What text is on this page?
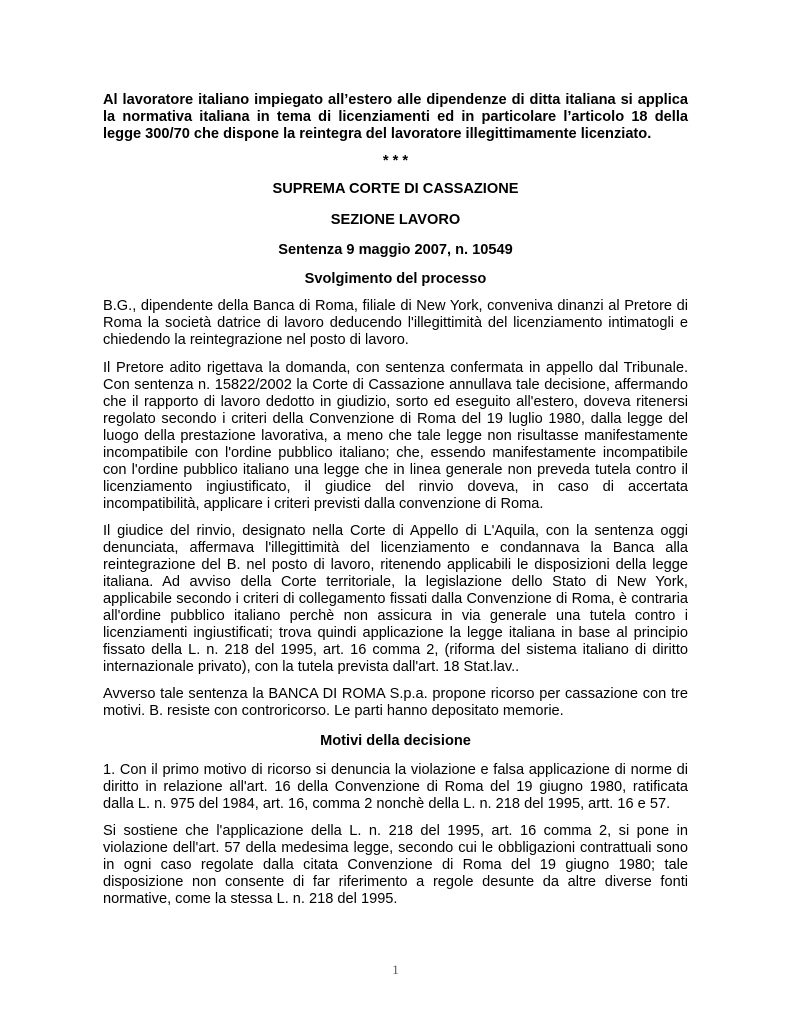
Al lavoratore italiano impiegato all’estero alle dipendenze di ditta italiana si applica
la normativa italiana in tema di licenziamenti ed in particolare l’articolo 18 della
legge 300/70 che dispone la reintegra del lavoratore illegittimamente licenziato.
* * *
SUPREMA CORTE DI CASSAZIONE
SEZIONE LAVORO
Sentenza 9 maggio 2007, n. 10549
Svolgimento del processo
B.G., dipendente della Banca di Roma, filiale di New York, conveniva dinanzi al Pretore di
Roma la società datrice di lavoro deducendo l'illegittimità del licenziamento intimatogli e
chiedendo la reintegrazione nel posto di lavoro.
Il Pretore adito rigettava la domanda, con sentenza confermata in appello dal Tribunale.
Con sentenza n. 15822/2002 la Corte di Cassazione annullava tale decisione, affermando
che il rapporto di lavoro dedotto in giudizio, sorto ed eseguito all'estero, doveva ritenersi
regolato secondo i criteri della Convenzione di Roma del 19 luglio 1980, dalla legge del
luogo della prestazione lavorativa, a meno che tale legge non risultasse manifestamente
incompatibile con l'ordine pubblico italiano; che, essendo manifestamente incompatibile
con l'ordine pubblico italiano una legge che in linea generale non preveda tutela contro il
licenziamento ingiustificato, il giudice del rinvio doveva, in caso di accertata
incompatibilità, applicare i criteri previsti dalla convenzione di Roma.
Il giudice del rinvio, designato nella Corte di Appello di L'Aquila, con la sentenza oggi
denunciata, affermava l'illegittimità del licenziamento e condannava la Banca alla
reintegrazione del B. nel posto di lavoro, ritenendo applicabili le disposizioni della legge
italiana. Ad avviso della Corte territoriale, la legislazione dello Stato di New York,
applicabile secondo i criteri di collegamento fissati dalla Convenzione di Roma, è contraria
all'ordine pubblico italiano perchè non assicura in via generale una tutela contro i
licenziamenti ingiustificati; trova quindi applicazione la legge italiana in base al principio
fissato della L. n. 218 del 1995, art. 16 comma 2, (riforma del sistema italiano di diritto
internazionale privato), con la tutela prevista dall'art. 18 Stat.lav..
Avverso tale sentenza la BANCA DI ROMA S.p.a. propone ricorso per cassazione con tre
motivi. B. resiste con controricorso. Le parti hanno depositato memorie.
Motivi della decisione
1. Con il primo motivo di ricorso si denuncia la violazione e falsa applicazione di norme di
diritto in relazione all'art. 16 della Convenzione di Roma del 19 giugno 1980, ratificata
dalla L. n. 975 del 1984, art. 16, comma 2 nonchè della L. n. 218 del 1995, artt. 16 e 57.
Si sostiene che l'applicazione della L. n. 218 del 1995, art. 16 comma 2, si pone in
violazione dell'art. 57 della medesima legge, secondo cui le obbligazioni contrattuali sono
in ogni caso regolate dalla citata Convenzione di Roma del 19 giugno 1980; tale
disposizione non consente di far riferimento a regole desunte da altre diverse fonti
normative, come la stessa L. n. 218 del 1995.
1
